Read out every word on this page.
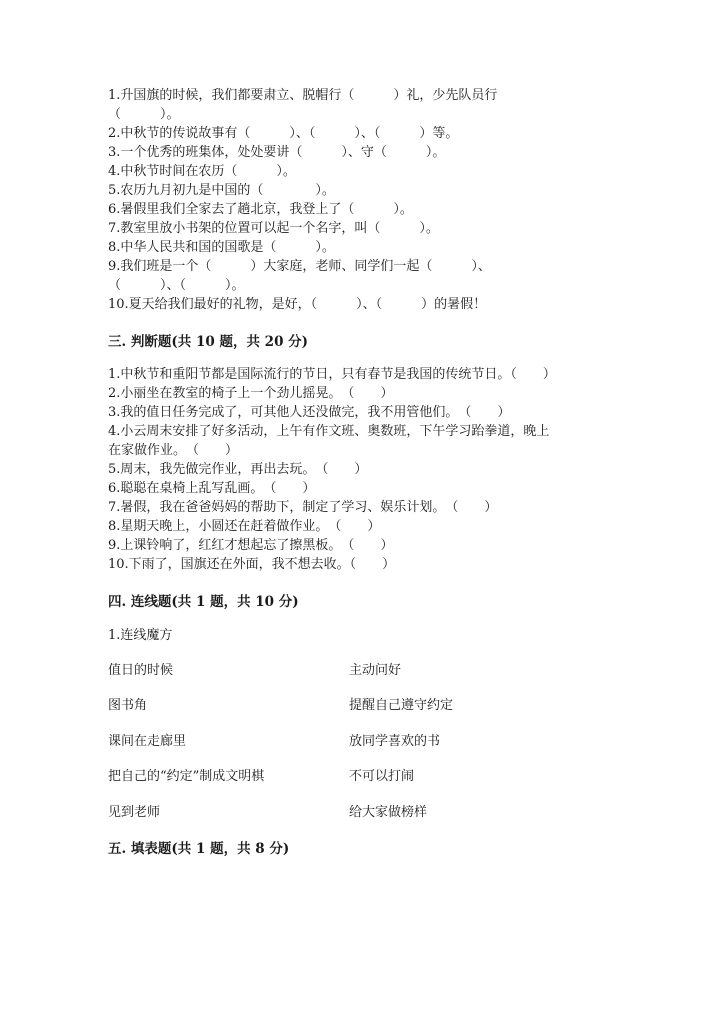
1.升国旗的时候，我们都要肃立、脱帽行（　　　）礼，少先队员行
（　　　）。
2.中秋节的传说故事有（　　　）、（　　　）、（　　　）等。
3.一个优秀的班集体，处处要讲（　　　）、守（　　　）。
4.中秋节时间在农历（　　　）。
5.农历九月初九是中国的（　　　　）。
6.暑假里我们全家去了趟北京，我登上了（　　　）。
7.教室里放小书架的位置可以起一个名字，叫（　　　）。
8.中华人民共和国的国歌是（　　　）。
9.我们班是一个（　　　）大家庭，老师、同学们一起（　　　）、
（　　　）、（　　　）。
10.夏天给我们最好的礼物，是好，（　　　）、（　　　）的暑假！
三. 判断题(共 10 题，共 20 分)
1.中秋节和重阳节都是国际流行的节日，只有春节是我国的传统节日。（　　）
2.小丽坐在教室的椅子上一个劲儿摇晃。　（　　）
3.我的值日任务完成了，可其他人还没做完，我不用管他们。　（　　）
4.小云周末安排了好多活动，上午有作文班、奥数班，下午学习跆拳道，晚上
在家做作业。　（　　）
5.周末，我先做完作业，再出去玩。　（　　）
6.聪聪在桌椅上乱写乱画。　（　　）
7.暑假，我在爸爸妈妈的帮助下，制定了学习、娱乐计划。　（　　）
8.星期天晚上，小圆还在赶着做作业。　（　　）
9.上课铃响了，红红才想起忘了擦黑板。　（　　）
10.下雨了，国旗还在外面，我不想去收。（　　）
四. 连线题(共 1 题，共 10 分)
1.连线魔方
值日的时候	主动问好
图书角	提醒自己遵守约定
课间在走廊里	放同学喜欢的书
把自己的“约定”制成文明棋	不可以打闹
见到老师	给大家做榜样
五. 填表题(共 1 题，共 8 分)
